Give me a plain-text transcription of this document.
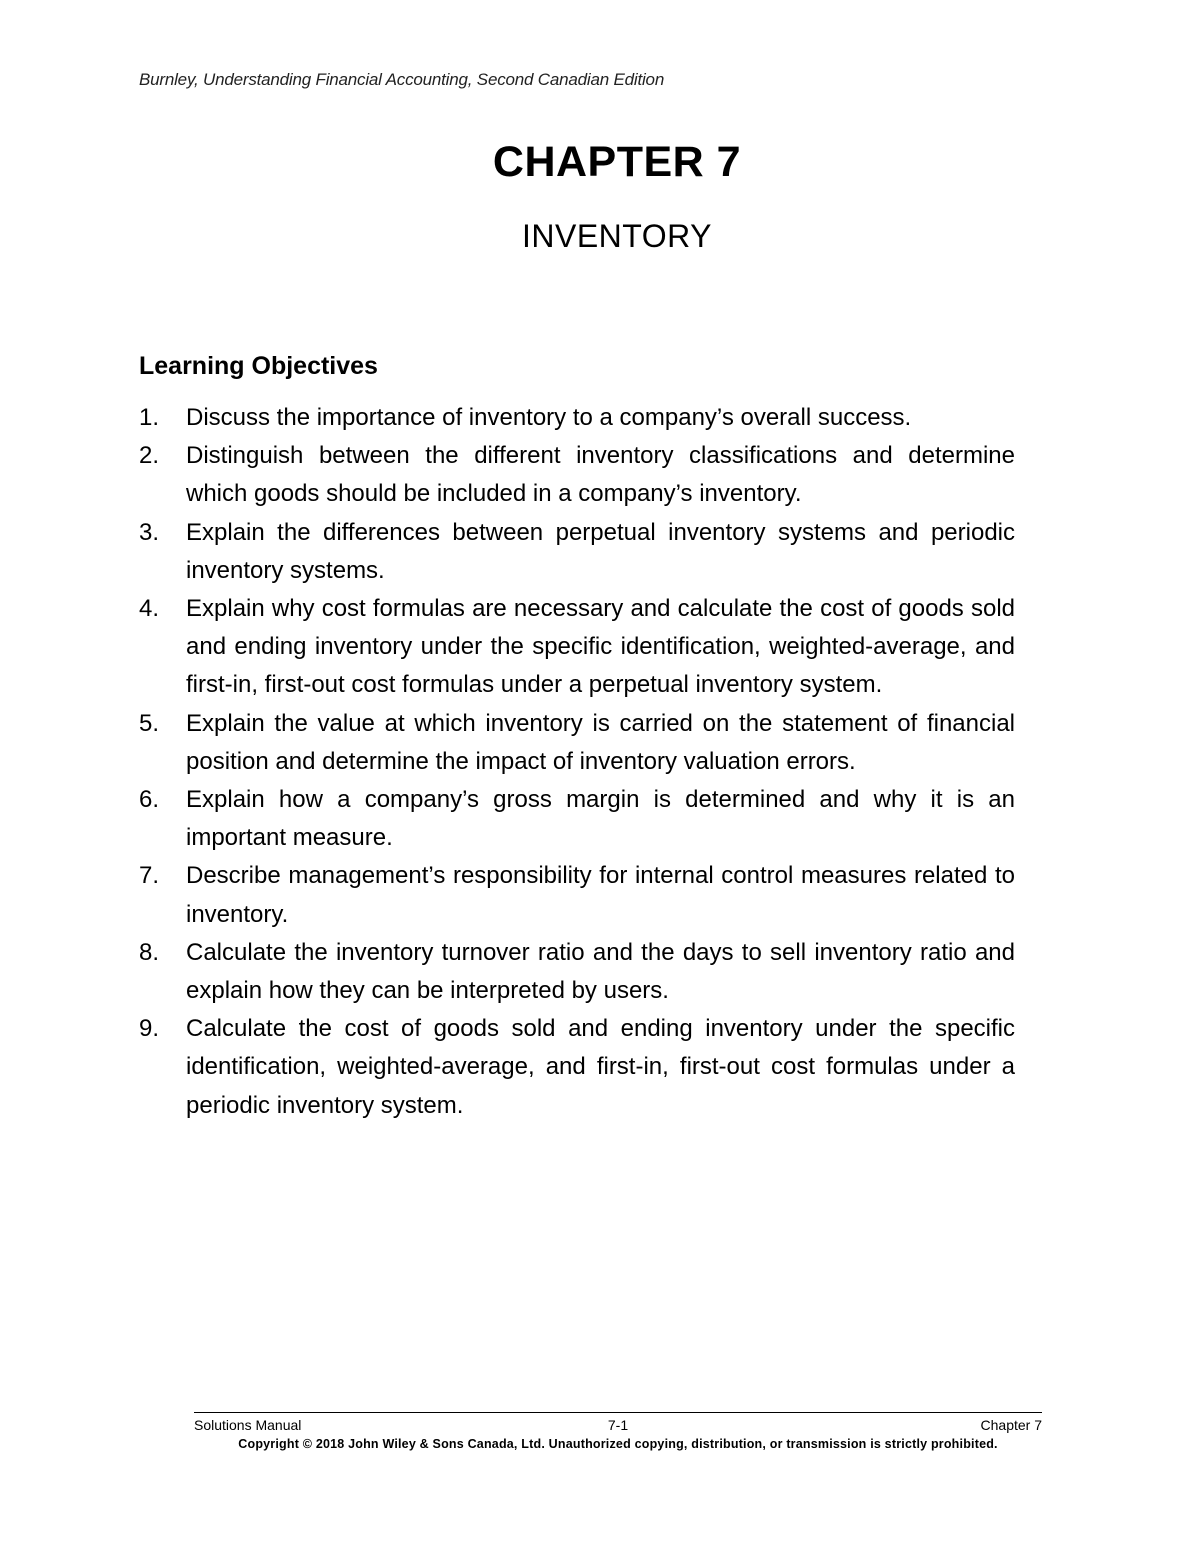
Burnley, Understanding Financial Accounting, Second Canadian Edition
CHAPTER 7
INVENTORY
Learning Objectives
1.	Discuss the importance of inventory to a company’s overall success.
2.	Distinguish between the different inventory classifications and determine which goods should be included in a company’s inventory.
3.	Explain the differences between perpetual inventory systems and periodic inventory systems.
4.	Explain why cost formulas are necessary and calculate the cost of goods sold and ending inventory under the specific identification, weighted-average, and first-in, first-out cost formulas under a perpetual inventory system.
5.	Explain the value at which inventory is carried on the statement of financial position and determine the impact of inventory valuation errors.
6.	Explain how a company’s gross margin is determined and why it is an important measure.
7.	Describe management’s responsibility for internal control measures related to inventory.
8.	Calculate the inventory turnover ratio and the days to sell inventory ratio and explain how they can be interpreted by users.
9.	Calculate the cost of goods sold and ending inventory under the specific identification, weighted-average, and first-in, first-out cost formulas under a periodic inventory system.
Solutions Manual	7-1	Chapter 7
Copyright © 2018 John Wiley & Sons Canada, Ltd. Unauthorized copying, distribution, or transmission is strictly prohibited.
